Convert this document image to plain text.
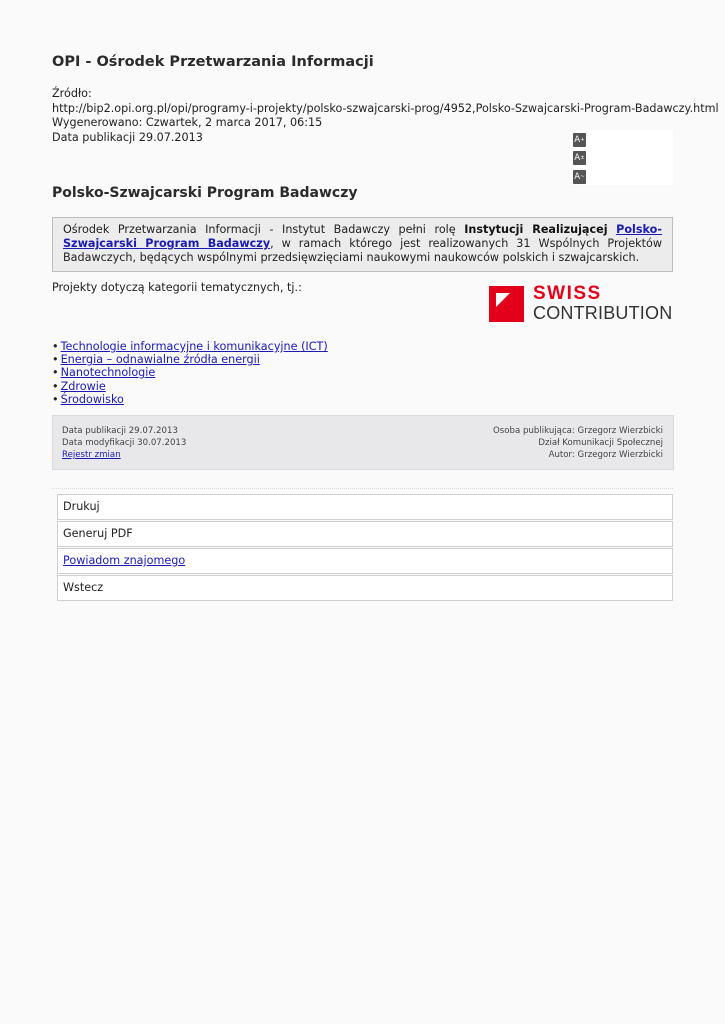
OPI - Ośrodek Przetwarzania Informacji
Źródło:
http://bip2.opi.org.pl/opi/programy-i-projekty/polsko-szwajcarski-prog/4952,Polsko-Szwajcarski-Program-Badawczy.html
Wygenerowano: Czwartek, 2 marca 2017, 06:15
Data publikacji 29.07.2013	A+
A±
A~
Polsko-Szwajcarski Program Badawczy
Ośrodek Przetwarzania Informacji - Instytut Badawczy pełni rolę Instytucji Realizującej Polsko-Szwajcarski Program Badawczy, w ramach którego jest realizowanych 31 Wspólnych Projektów Badawczych, będących wspólnymi przedsięwzięciami naukowymi naukowców polskich i szwajcarskich.
Projekty dotyczą kategorii tematycznych, tj.:	SWISS
CONTRIBUTION
• Technologie informacyjne i komunikacyjne (ICT)
• Energia – odnawialne źródła energii
• Nanotechnologie
• Zdrowie
• Środowisko
Data publikacji 29.07.2013
Data modyfikacji 30.07.2013
Rejestr zmian
Osoba publikująca: Grzegorz Wierzbicki
Dział Komunikacji Społecznej
Autor: Grzegorz Wierzbicki
Drukuj
Generuj PDF
Powiadom znajomego
Wstecz
